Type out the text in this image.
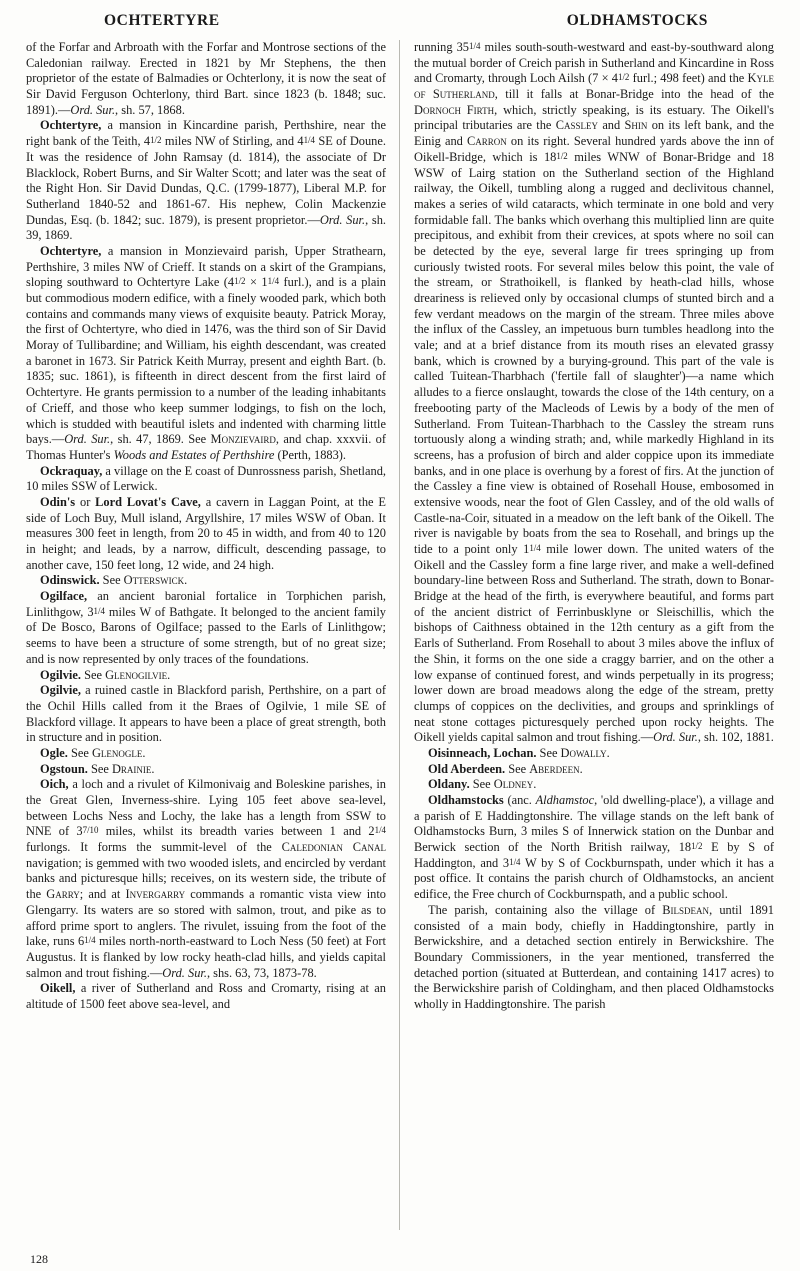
OCHTERTYRE	OLDHAMSTOCKS

of the Forfar and Arbroath with the Forfar and Montrose sections of the Caledonian railway. Erected in 1821 by Mr Stephens, the then proprietor of the estate of Balmadies or Ochterlony, it is now the seat of Sir David Ferguson Ochterlony, third Bart. since 1823 (b. 1848; suc. 1891).—Ord. Sur., sh. 57, 1868.

Ochtertyre, a mansion in Kincardine parish, Perthshire, near the right bank of the Teith, 41/2 miles NW of Stirling, and 41/4 SE of Doune. It was the residence of John Ramsay (d. 1814), the associate of Dr Blacklock, Robert Burns, and Sir Walter Scott; and later was the seat of the Right Hon. Sir David Dundas, Q.C. (1799-1877), Liberal M.P. for Sutherland 1840-52 and 1861-67. His nephew, Colin Mackenzie Dundas, Esq. (b. 1842; suc. 1879), is present proprietor.—Ord. Sur., sh. 39, 1869.

Ochtertyre, a mansion in Monzievaird parish, Upper Strathearn, Perthshire, 3 miles NW of Crieff. It stands on a skirt of the Grampians, sloping southward to Ochtertyre Lake (41/2 × 11/4 furl.), and is a plain but commodious modern edifice, with a finely wooded park, which both contains and commands many views of exquisite beauty. Patrick Moray, the first of Ochtertyre, who died in 1476, was the third son of Sir David Moray of Tullibardine; and William, his eighth descendant, was created a baronet in 1673. Sir Patrick Keith Murray, present and eighth Bart. (b. 1835; suc. 1861), is fifteenth in direct descent from the first laird of Ochtertyre. He grants permission to a number of the leading inhabitants of Crieff, and those who keep summer lodgings, to fish on the loch, which is studded with beautiful islets and indented with charming little bays.—Ord. Sur., sh. 47, 1869. See Monzievaird, and chap. xxxvii. of Thomas Hunter's Woods and Estates of Perthshire (Perth, 1883).

Ockraquay, a village on the E coast of Dunrossness parish, Shetland, 10 miles SSW of Lerwick.

Odin's or Lord Lovat's Cave, a cavern in Laggan Point, at the E side of Loch Buy, Mull island, Argyllshire, 17 miles WSW of Oban. It measures 300 feet in length, from 20 to 45 in width, and from 40 to 120 in height; and leads, by a narrow, difficult, descending passage, to another cave, 150 feet long, 12 wide, and 24 high.

Odinswick. See Otterswick.

Ogilface, an ancient baronial fortalice in Torphichen parish, Linlithgow, 31/4 miles W of Bathgate. It belonged to the ancient family of De Bosco, Barons of Ogilface; passed to the Earls of Linlithgow; seems to have been a structure of some strength, but of no great size; and is now represented by only traces of the foundations.

Ogilvie. See Glenogilvie.

Ogilvie, a ruined castle in Blackford parish, Perthshire, on a part of the Ochil Hills called from it the Braes of Ogilvie, 1 mile SE of Blackford village. It appears to have been a place of great strength, both in structure and in position.

Ogle. See Glenogle.

Ogstoun. See Drainie.

Oich, a loch and a rivulet of Kilmonivaig and Boleskine parishes, in the Great Glen, Inverness-shire. Lying 105 feet above sea-level, between Lochs Ness and Lochy, the lake has a length from SSW to NNE of 37/10 miles, whilst its breadth varies between 1 and 21/4 furlongs. It forms the summit-level of the Caledonian Canal navigation; is gemmed with two wooded islets, and encircled by verdant banks and picturesque hills; receives, on its western side, the tribute of the Garry; and at Invergarry commands a romantic vista view into Glengarry. Its waters are so stored with salmon, trout, and pike as to afford prime sport to anglers. The rivulet, issuing from the foot of the lake, runs 61/4 miles north-north-eastward to Loch Ness (50 feet) at Fort Augustus. It is flanked by low rocky heath-clad hills, and yields capital salmon and trout fishing.—Ord. Sur., shs. 63, 73, 1873-78.

Oikell, a river of Sutherland and Ross and Cromarty, rising at an altitude of 1500 feet above sea-level, and

running 351/4 miles south-south-westward and east-by-southward along the mutual border of Creich parish in Sutherland and Kincardine in Ross and Cromarty, through Loch Ailsh (7 × 41/2 furl.; 498 feet) and the Kyle of Sutherland, till it falls at Bonar-Bridge into the head of the Dornoch Firth, which, strictly speaking, is its estuary. The Oikell's principal tributaries are the Cassley and Shin on its left bank, and the Einig and Carron on its right. Several hundred yards above the inn of Oikell-Bridge, which is 181/2 miles WNW of Bonar-Bridge and 18 WSW of Lairg station on the Sutherland section of the Highland railway, the Oikell, tumbling along a rugged and declivitous channel, makes a series of wild cataracts, which terminate in one bold and very formidable fall. The banks which overhang this multiplied linn are quite precipitous, and exhibit from their crevices, at spots where no soil can be detected by the eye, several large fir trees springing up from curiously twisted roots. For several miles below this point, the vale of the stream, or Strathoikell, is flanked by heath-clad hills, whose dreariness is relieved only by occasional clumps of stunted birch and a few verdant meadows on the margin of the stream. Three miles above the influx of the Cassley, an impetuous burn tumbles headlong into the vale; and at a brief distance from its mouth rises an elevated grassy bank, which is crowned by a burying-ground. This part of the vale is called Tuitean-Tharbhach ('fertile fall of slaughter')—a name which alludes to a fierce onslaught, towards the close of the 14th century, on a freebooting party of the Macleods of Lewis by a body of the men of Sutherland. From Tuitean-Tharbhach to the Cassley the stream runs tortuously along a winding strath; and, while markedly Highland in its screens, has a profusion of birch and alder coppice upon its immediate banks, and in one place is overhung by a forest of firs. At the junction of the Cassley a fine view is obtained of Rosehall House, embosomed in extensive woods, near the foot of Glen Cassley, and of the old walls of Castle-na-Coir, situated in a meadow on the left bank of the Oikell. The river is navigable by boats from the sea to Rosehall, and brings up the tide to a point only 11/4 mile lower down. The united waters of the Oikell and the Cassley form a fine large river, and make a well-defined boundary-line between Ross and Sutherland. The strath, down to Bonar-Bridge at the head of the firth, is everywhere beautiful, and forms part of the ancient district of Ferrinbusklyne or Sleischillis, which the bishops of Caithness obtained in the 12th century as a gift from the Earls of Sutherland. From Rosehall to about 3 miles above the influx of the Shin, it forms on the one side a craggy barrier, and on the other a low expanse of continued forest, and winds perpetually in its progress; lower down are broad meadows along the edge of the stream, pretty clumps of coppices on the declivities, and groups and sprinklings of neat stone cottages picturesquely perched upon rocky heights. The Oikell yields capital salmon and trout fishing.—Ord. Sur., sh. 102, 1881.

Oisinneach, Lochan. See Dowally.

Old Aberdeen. See Aberdeen.

Oldany. See Oldney.

Oldhamstocks (anc. Aldhamstoc, 'old dwelling-place'), a village and a parish of E Haddingtonshire. The village stands on the left bank of Oldhamstocks Burn, 3 miles S of Innerwick station on the Dunbar and Berwick section of the North British railway, 181/2 E by S of Haddington, and 31/4 W by S of Cockburnspath, under which it has a post office. It contains the parish church of Oldhamstocks, an ancient edifice, the Free church of Cockburnspath, and a public school.

The parish, containing also the village of Bilsdean, until 1891 consisted of a main body, chiefly in Haddingtonshire, partly in Berwickshire, and a detached section entirely in Berwickshire. The Boundary Commissioners, in the year mentioned, transferred the detached portion (situated at Butterdean, and containing 1417 acres) to the Berwickshire parish of Coldingham, and then placed Oldhamstocks wholly in Haddingtonshire. The parish

128
